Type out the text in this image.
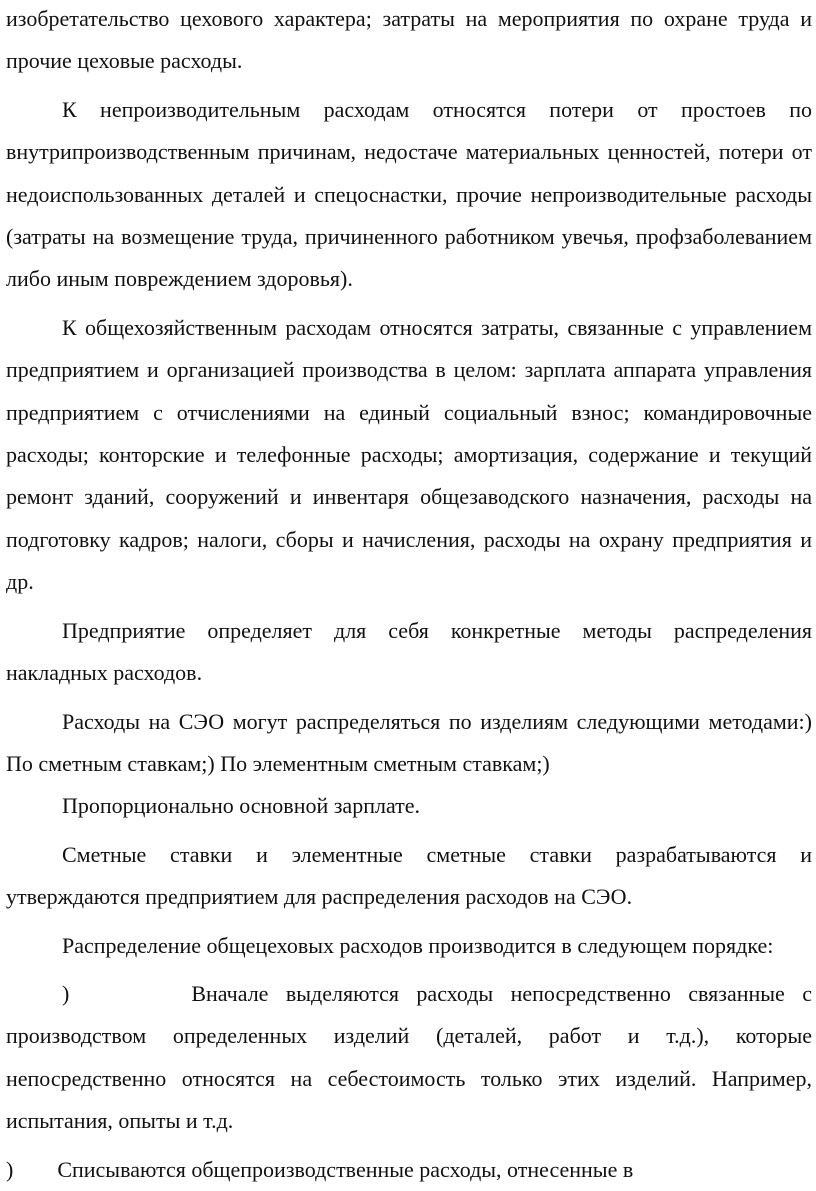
изобретательство цехового характера; затраты на мероприятия по охране труда и прочие цеховые расходы.

К непроизводительным расходам относятся потери от простоев по внутрипроизводственным причинам, недостаче материальных ценностей, потери от недоиспользованных деталей и спецоснастки, прочие непроизводительные расходы (затраты на возмещение труда, причиненного работником увечья, профзаболеванием либо иным повреждением здоровья).

К общехозяйственным расходам относятся затраты, связанные с управлением предприятием и организацией производства в целом: зарплата аппарата управления предприятием с отчислениями на единый социальный взнос; командировочные расходы; конторские и телефонные расходы; амортизация, содержание и текущий ремонт зданий, сооружений и инвентаря общезаводского назначения, расходы на подготовку кадров; налоги, сборы и начисления, расходы на охрану предприятия и др.

Предприятие определяет для себя конкретные методы распределения накладных расходов.

Расходы на СЭО могут распределяться по изделиям следующими методами:) По сметным ставкам;) По элементным сметным ставкам;)

Пропорционально основной зарплате.

Сметные ставки и элементные сметные ставки разрабатываются и утверждаются предприятием для распределения расходов на СЭО.

Распределение общецеховых расходов производится в следующем порядке:

)       Вначале выделяются расходы непосредственно связанные с производством определенных изделий (деталей, работ и т.д.), которые непосредственно относятся на себестоимость только этих изделий. Например, испытания, опыты и т.д.

)        Списываются общепроизводственные расходы, отнесенные в
